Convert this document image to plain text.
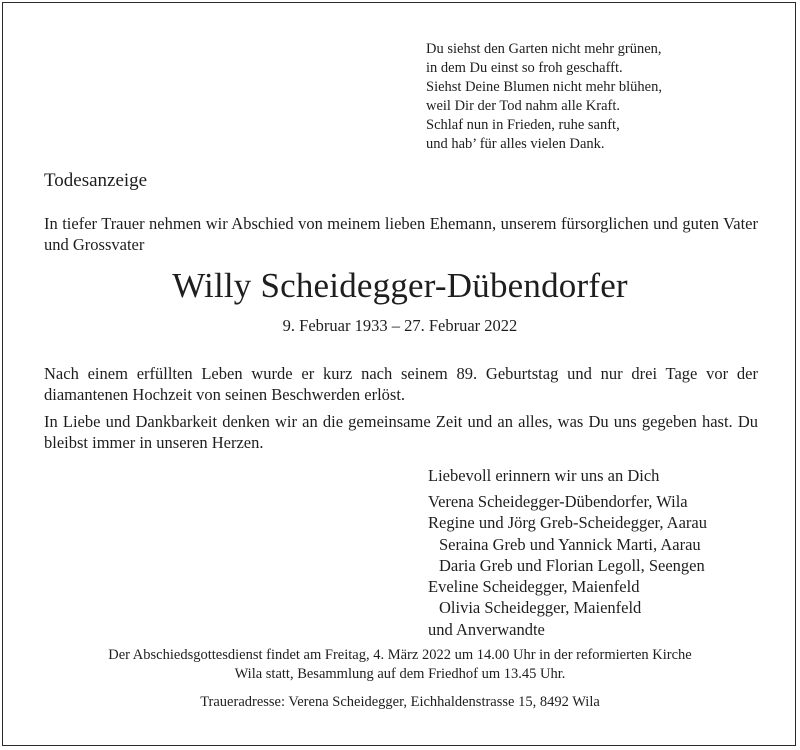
Du siehst den Garten nicht mehr grünen,
in dem Du einst so froh geschafft.
Siehst Deine Blumen nicht mehr blühen,
weil Dir der Tod nahm alle Kraft.
Schlaf nun in Frieden, ruhe sanft,
und hab’ für alles vielen Dank.
Todesanzeige
In tiefer Trauer nehmen wir Abschied von meinem lieben Ehemann, unserem fürsorglichen und guten Vater und Grossvater
Willy Scheidegger-Dübendorfer
9. Februar 1933 – 27. Februar 2022
Nach einem erfüllten Leben wurde er kurz nach seinem 89. Geburtstag und nur drei Tage vor der diamantenen Hochzeit von seinen Beschwerden erlöst.
In Liebe und Dankbarkeit denken wir an die gemeinsame Zeit und an alles, was Du uns gegeben hast. Du bleibst immer in unseren Herzen.
Liebevoll erinnern wir uns an Dich
Verena Scheidegger-Dübendorfer, Wila
Regine und Jörg Greb-Scheidegger, Aarau
Seraina Greb und Yannick Marti, Aarau
Daria Greb und Florian Legoll, Seengen
Eveline Scheidegger, Maienfeld
Olivia Scheidegger, Maienfeld
und Anverwandte
Der Abschiedsgottesdienst findet am Freitag, 4. März 2022 um 14.00 Uhr in der reformierten Kirche
Wila statt, Besammlung auf dem Friedhof um 13.45 Uhr.
Traueradresse: Verena Scheidegger, Eichhaldenstrasse 15, 8492 Wila
